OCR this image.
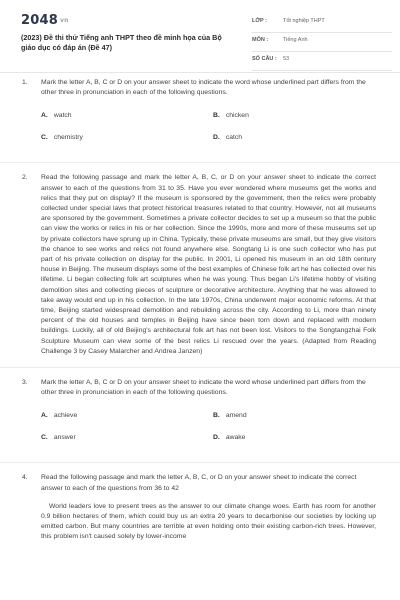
2048 vn
(2023) Đề thi thử Tiếng anh THPT theo đề minh họa của Bộ giáo dục có đáp án (Đề 47)
LỚP :	Tốt nghiệp THPT
MÔN :	Tiếng Anh
SỐ CÂU : 53
1. Mark the letter A, B, C or D on your answer sheet to indicate the word whose underlined part differs from the other three in pronunciation in each of the following questions.
A. watch	B. chicken
C. chemistry	D. catch
2. Read the following passage and mark the letter A, B, C, or D on your answer sheet to indicate the correct answer to each of the questions from 31 to 35. Have you ever wondered where museums get the works and relics that they put on display? If the museum is sponsored by the government, then the relics were probably collected under special laws that protect historical treasures related to that country. However, not all museums are sponsored by the government. Sometimes a private collector decides to set up a museum so that the public can view the works or relics in his or her collection. Since the 1990s, more and more of these museums set up by private collectors have sprung up in China. Typically, these private museums are small, but they give visitors the chance to see works and relics not found anywhere else. Songtang Li is one such collector who has put part of his private collection on display for the public. In 2001, Li opened his museum in an old 18th century house in Beijing. The museum displays some of the best examples of Chinese folk art he has collected over his lifetime. Li began collecting folk art sculptures when he was young. Thus began Li's lifetime hobby of visiting demolition sites and collecting pieces of sculpture or decorative architecture. Anything that he was allowed to take away would end up in his collection. In the late 1970s, China underwent major economic reforms. At that time, Beijing started widespread demolition and rebuilding across the city. According to Li, more than ninety percent of the old houses and temples in Beijing have since been torn down and replaced with modern buildings. Luckily, all of old Beijing's architectural folk art has not been lost. Visitors to the Songtangzhai Folk Sculpture Museum can view some of the best relics Li rescued over the years. (Adapted from Reading Challenge 3 by Casey Malarcher and Andrea Janzen)
3. Mark the letter A, B, C or D on your answer sheet to indicate the word whose underlined part differs from the other three in pronunciation in each of the following questions.
A. achieve	B. amend
C. answer	D. awake
4. Read the following passage and mark the letter A, B, C, or D on your answer sheet to indicate the correct answer to each of the questions from 36 to 42
World leaders love to present trees as the answer to our climate change woes. Earth has room for another 0.9 billion hectares of them, which could buy us an extra 20 years to decarbonise our societies by locking up emitted carbon. But many countries are terrible at even holding onto their existing carbon-rich trees. However, this problem isn't caused solely by lower-income
